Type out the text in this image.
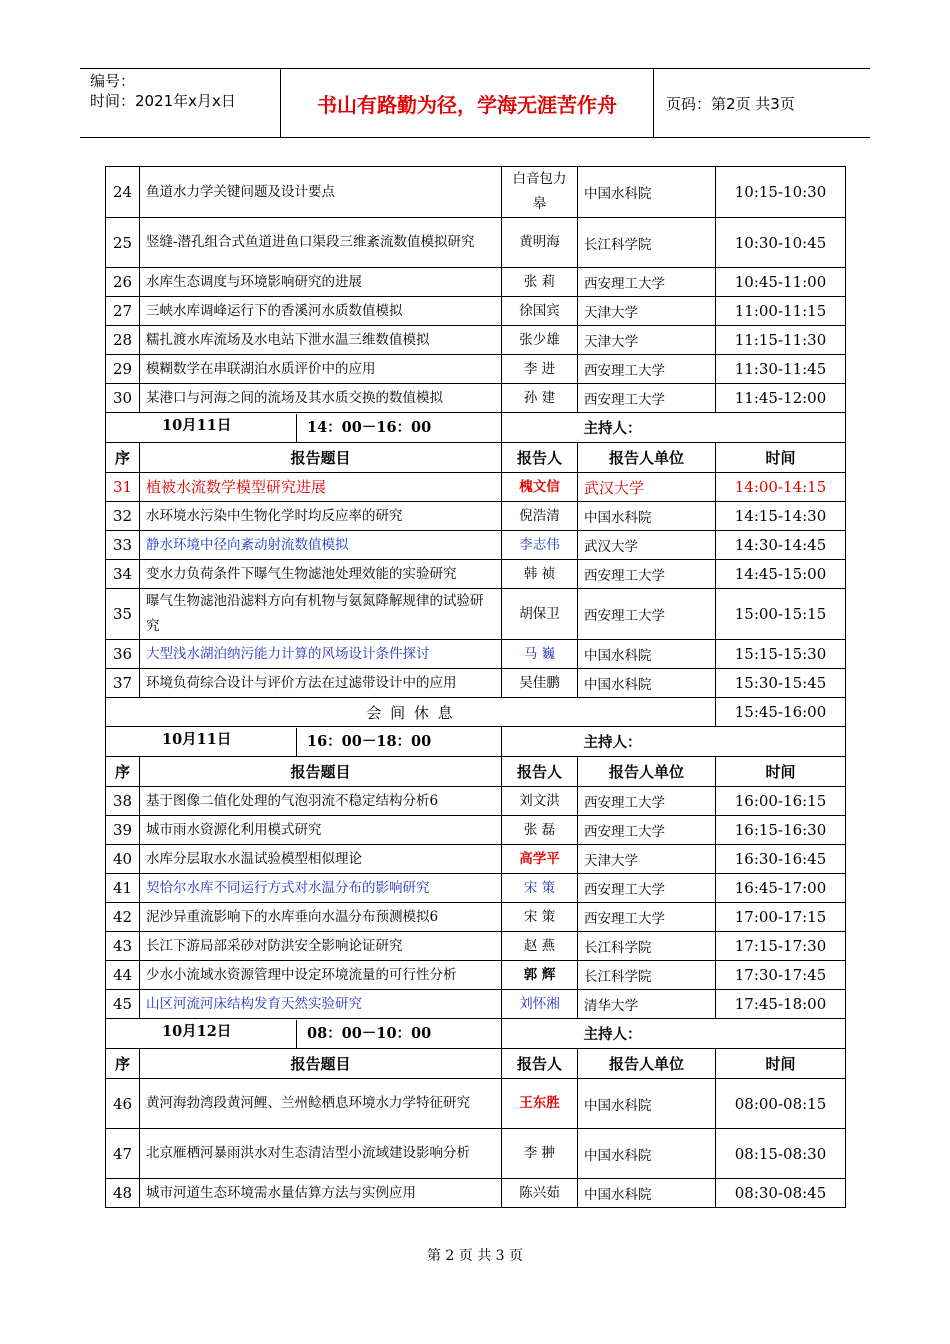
编号：
时间：2021年x月x日	书山有路勤为径，学海无涯苦作舟	页码：第2页 共3页
24	鱼道水力学关键问题及设计要点	白音包力皋	中国水科院	10:15-10:30
25	竖缝-潜孔组合式鱼道进鱼口渠段三维紊流数值模拟研究	黄明海	长江科学院	10:30-10:45
26	水库生态调度与环境影响研究的进展	张 莉	西安理工大学	10:45-11:00
27	三峡水库调峰运行下的香溪河水质数值模拟	徐国宾	天津大学	11:00-11:15
28	糯扎渡水库流场及水电站下泄水温三维数值模拟	张少雄	天津大学	11:15-11:30
29	模糊数学在串联湖泊水质评价中的应用	李 进	西安理工大学	11:30-11:45
30	某港口与河海之间的流场及其水质交换的数值模拟	孙 建	西安理工大学	11:45-12:00

10月11日 14：00－16：00			主持人：	
序	报告题目	报告人	报告人单位	时间
31	植被水流数学模型研究进展	槐文信	武汉大学	14:00-14:15
32	水环境水污染中生物化学时均反应率的研究	倪浩清	中国水科院	14:15-14:30
33	静水环境中径向紊动射流数值模拟	李志伟	武汉大学	14:30-14:45
34	变水力负荷条件下曝气生物滤池处理效能的实验研究	韩 祯	西安理工大学	14:45-15:00
35	曝气生物滤池沿滤料方向有机物与氨氮降解规律的试验研究	胡保卫	西安理工大学	15:00-15:15
36	大型浅水湖泊纳污能力计算的风场设计条件探讨	马 巍	中国水科院	15:15-15:30
37	环境负荷综合设计与评价方法在过滤带设计中的应用	吴佳鹏	中国水科院	15:30-15:45
会 间 休 息				15:45-16:00

10月11日 16：00－18：00			主持人：	
序	报告题目	报告人	报告人单位	时间
38	基于图像二值化处理的气泡羽流不稳定结构分析6	刘文洪	西安理工大学	16:00-16:15
39	城市雨水资源化利用模式研究	张 磊	西安理工大学	16:15-16:30
40	水库分层取水水温试验模型相似理论	高学平	天津大学	16:30-16:45
41	契恰尔水库不同运行方式对水温分布的影响研究	宋 策	西安理工大学	16:45-17:00
42	泥沙异重流影响下的水库垂向水温分布预测模拟6	宋 策	西安理工大学	17:00-17:15
43	长江下游局部采砂对防洪安全影响论证研究	赵 燕	长江科学院	17:15-17:30
44	少水小流域水资源管理中设定环境流量的可行性分析	郭 辉	长江科学院	17:30-17:45
45	山区河流河床结构发育天然实验研究	刘怀湘	清华大学	17:45-18:00

10月12日 08：00－10：00			主持人：	
序	报告题目	报告人	报告人单位	时间
46	黄河海勃湾段黄河鲤、兰州鲶栖息环境水力学特征研究	王东胜	中国水科院	08:00-08:15
47	北京雁栖河暴雨洪水对生态清洁型小流域建设影响分析	李 翀	中国水科院	08:15-08:30
48	城市河道生态环境需水量估算方法与实例应用	陈兴茹	中国水科院	08:30-08:45
第 2 页 共 3 页
